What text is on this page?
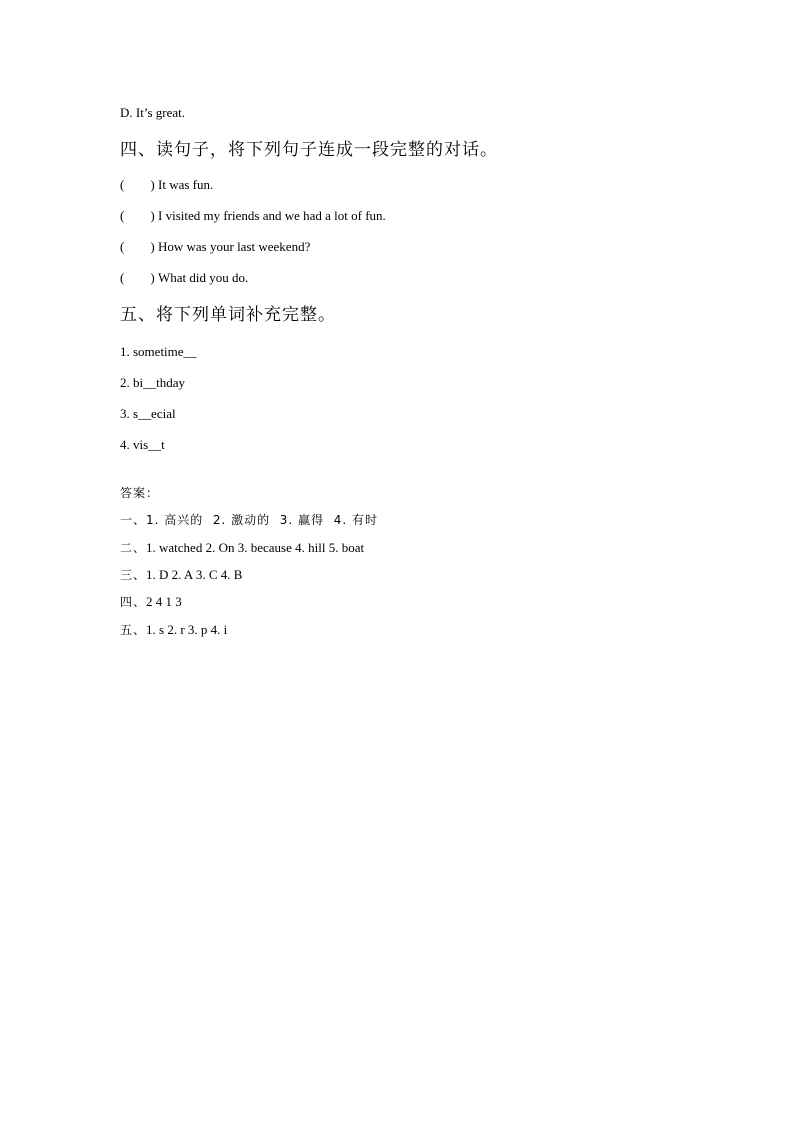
D. It’s great.
四、读句子，将下列句子连成一段完整的对话。
(        ) It was fun.
(        ) I visited my friends and we had a lot of fun.
(        ) How was your last weekend?
(        ) What did you do.
五、将下列单词补充完整。
1. sometime__
2. bi__thday
3. s__ecial
4. vis__t
答案：
一、1. 高兴的  2. 激动的  3. 赢得  4. 有时
二、1. watched 2. On 3. because 4. hill 5. boat
三、1. D 2. A 3. C 4. B
四、2 4 1 3
五、1. s 2. r 3. p 4. i
